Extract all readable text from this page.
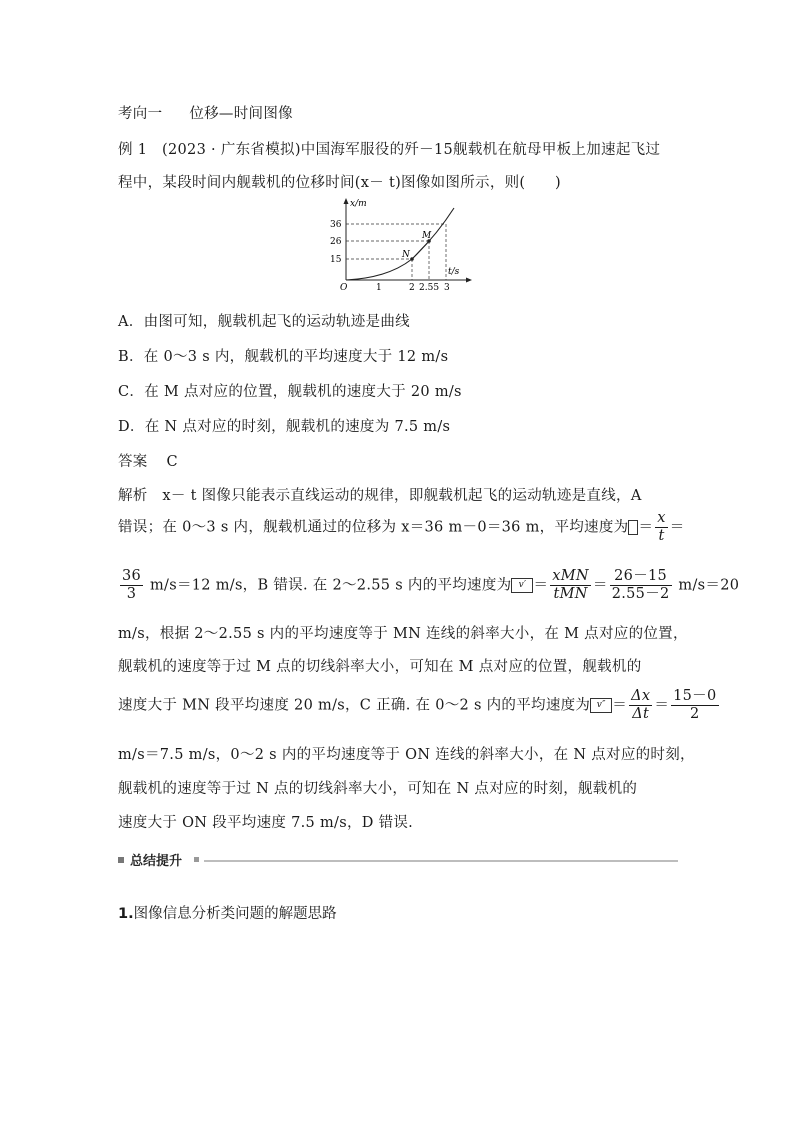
考向一 位移—时间图像
例 1　(2023 · 广东省模拟)中国海军服役的歼－15舰载机在航母甲板上加速起飞过
程中，某段时间内舰载机的位移时间(x－ t)图像如图所示，则(　　)
x/m
t/s
O
N
M
36
26
15
1	2 2.55 3
A．由图可知，舰载机起飞的运动轨迹是曲线
B．在 0～3 s 内，舰载机的平均速度大于 12 m/s
C．在 M 点对应的位置，舰载机的速度大于 20 m/s
D．在 N 点对应的时刻，舰载机的速度为 7.5 m/s
答案 C
解析　x－ t 图像只能表示直线运动的规律，即舰载机起飞的运动轨迹是直线，A
错误；在 0～3 s 内，舰载机通过的位移为 x＝36 m－0＝36 m，平均速度为 ＝ $\frac{x}{t}$ ＝
$\frac{36}{3} m/s=12$ m/s，B 错误. 在 2～2.55 s 内的平均速度为 $v' = \frac{\text{xMN}}{\text{tMN}} = \frac{26-15}{2.55-2} m/s=20$
m/s，根据 2～2.55 s 内的平均速度等于 MN 连线的斜率大小，在 M 点对应的位置，
舰载机的速度等于过 M 点的切线斜率大小，可知在 M 点对应的位置，舰载机的
速度大于 MN 段平均速度 20 m/s，C 正确. 在 0～2 s 内的平均速度为 $v'' = \frac{\Delta x}{\Delta t} = \frac{15-0}{2}$
m/s＝7.5 m/s，0～2 s 内的平均速度等于 ON 连线的斜率大小，在 N 点对应的时刻，
舰载机的速度等于过 N 点的切线斜率大小，可知在 N 点对应的时刻，舰载机的
速度大于 ON 段平均速度 7.5 m/s，D 错误.
总结提升
1.图像信息分析类问题的解题思路
